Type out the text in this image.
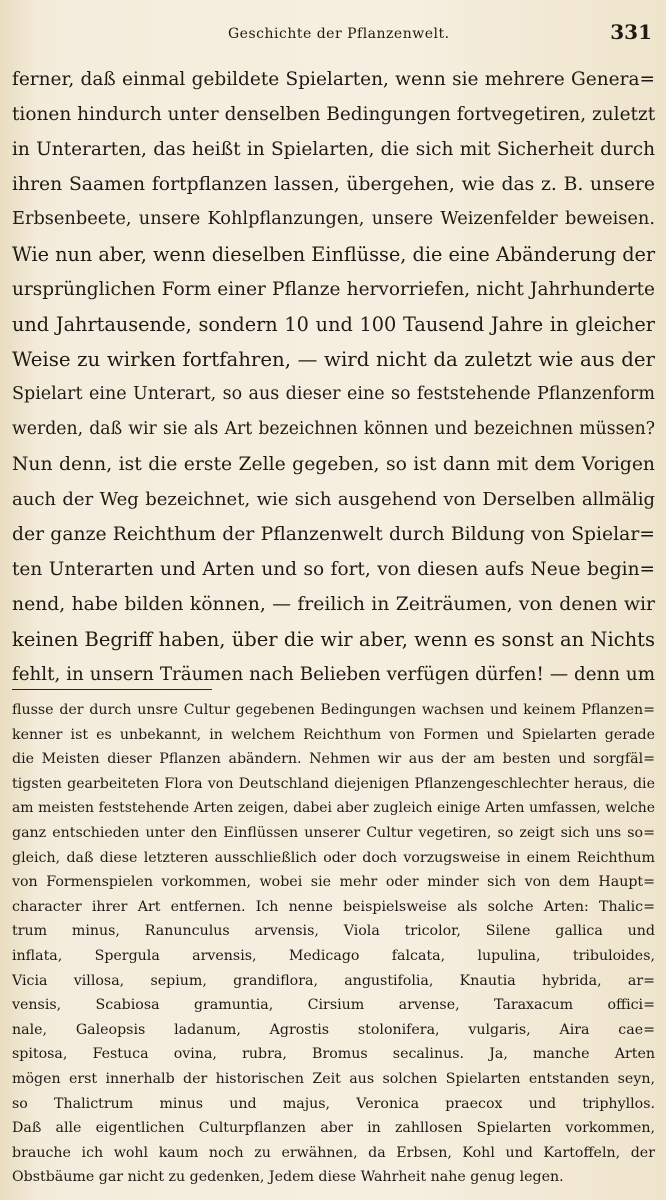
Geschichte der Pflanzenwelt.	331
ferner, daß einmal gebildete Spielarten, wenn sie mehrere Genera=
tionen hindurch unter denselben Bedingungen fortvegetiren, zuletzt
in Unterarten, das heißt in Spielarten, die sich mit Sicherheit durch
ihren Saamen fortpflanzen lassen, übergehen, wie das z. B. unsere
Erbsenbeete, unsere Kohlpflanzungen, unsere Weizenfelder beweisen.
Wie nun aber, wenn dieselben Einflüsse, die eine Abänderung der
ursprünglichen Form einer Pflanze hervorriefen, nicht Jahrhunderte
und Jahrtausende, sondern 10 und 100 Tausend Jahre in gleicher
Weise zu wirken fortfahren, — wird nicht da zuletzt wie aus der
Spielart eine Unterart, so aus dieser eine so feststehende Pflanzenform
werden, daß wir sie als Art bezeichnen können und bezeichnen müssen?
Nun denn, ist die erste Zelle gegeben, so ist dann mit dem Vorigen
auch der Weg bezeichnet, wie sich ausgehend von Derselben allmälig
der ganze Reichthum der Pflanzenwelt durch Bildung von Spielar=
ten Unterarten und Arten und so fort, von diesen aufs Neue begin=
nend, habe bilden können, — freilich in Zeiträumen, von denen wir
keinen Begriff haben, über die wir aber, wenn es sonst an Nichts
fehlt, in unsern Träumen nach Belieben verfügen dürfen! — denn um
flusse der durch unsre Cultur gegebenen Bedingungen wachsen und keinem Pflanzen=
kenner ist es unbekannt, in welchem Reichthum von Formen und Spielarten gerade
die Meisten dieser Pflanzen abändern. Nehmen wir aus der am besten und sorgfäl=
tigsten gearbeiteten Flora von Deutschland diejenigen Pflanzengeschlechter heraus, die
am meisten feststehende Arten zeigen, dabei aber zugleich einige Arten umfassen, welche
ganz entschieden unter den Einflüssen unserer Cultur vegetiren, so zeigt sich uns so=
gleich, daß diese letzteren ausschließlich oder doch vorzugsweise in einem Reichthum
von Formenspielen vorkommen, wobei sie mehr oder minder sich von dem Haupt=
character ihrer Art entfernen. Ich nenne beispielsweise als solche Arten: Thalic=
trum minus, Ranunculus arvensis, Viola tricolor, Silene gallica und
inflata, Spergula arvensis, Medicago falcata, lupulina, tribuloides,
Vicia villosa, sepium, grandiflora, angustifolia, Knautia hybrida, ar=
vensis, Scabiosa gramuntia, Cirsium arvense, Taraxacum offici=
nale, Galeopsis ladanum, Agrostis stolonifera, vulgaris, Aira cae=
spitosa, Festuca ovina, rubra, Bromus secalinus. Ja, manche Arten
mögen erst innerhalb der historischen Zeit aus solchen Spielarten entstanden seyn,
so Thalictrum minus und majus, Veronica praecox und triphyllos.
Daß alle eigentlichen Culturpflanzen aber in zahllosen Spielarten vorkommen,
brauche ich wohl kaum noch zu erwähnen, da Erbsen, Kohl und Kartoffeln, der
Obstbäume gar nicht zu gedenken, Jedem diese Wahrheit nahe genug legen.
